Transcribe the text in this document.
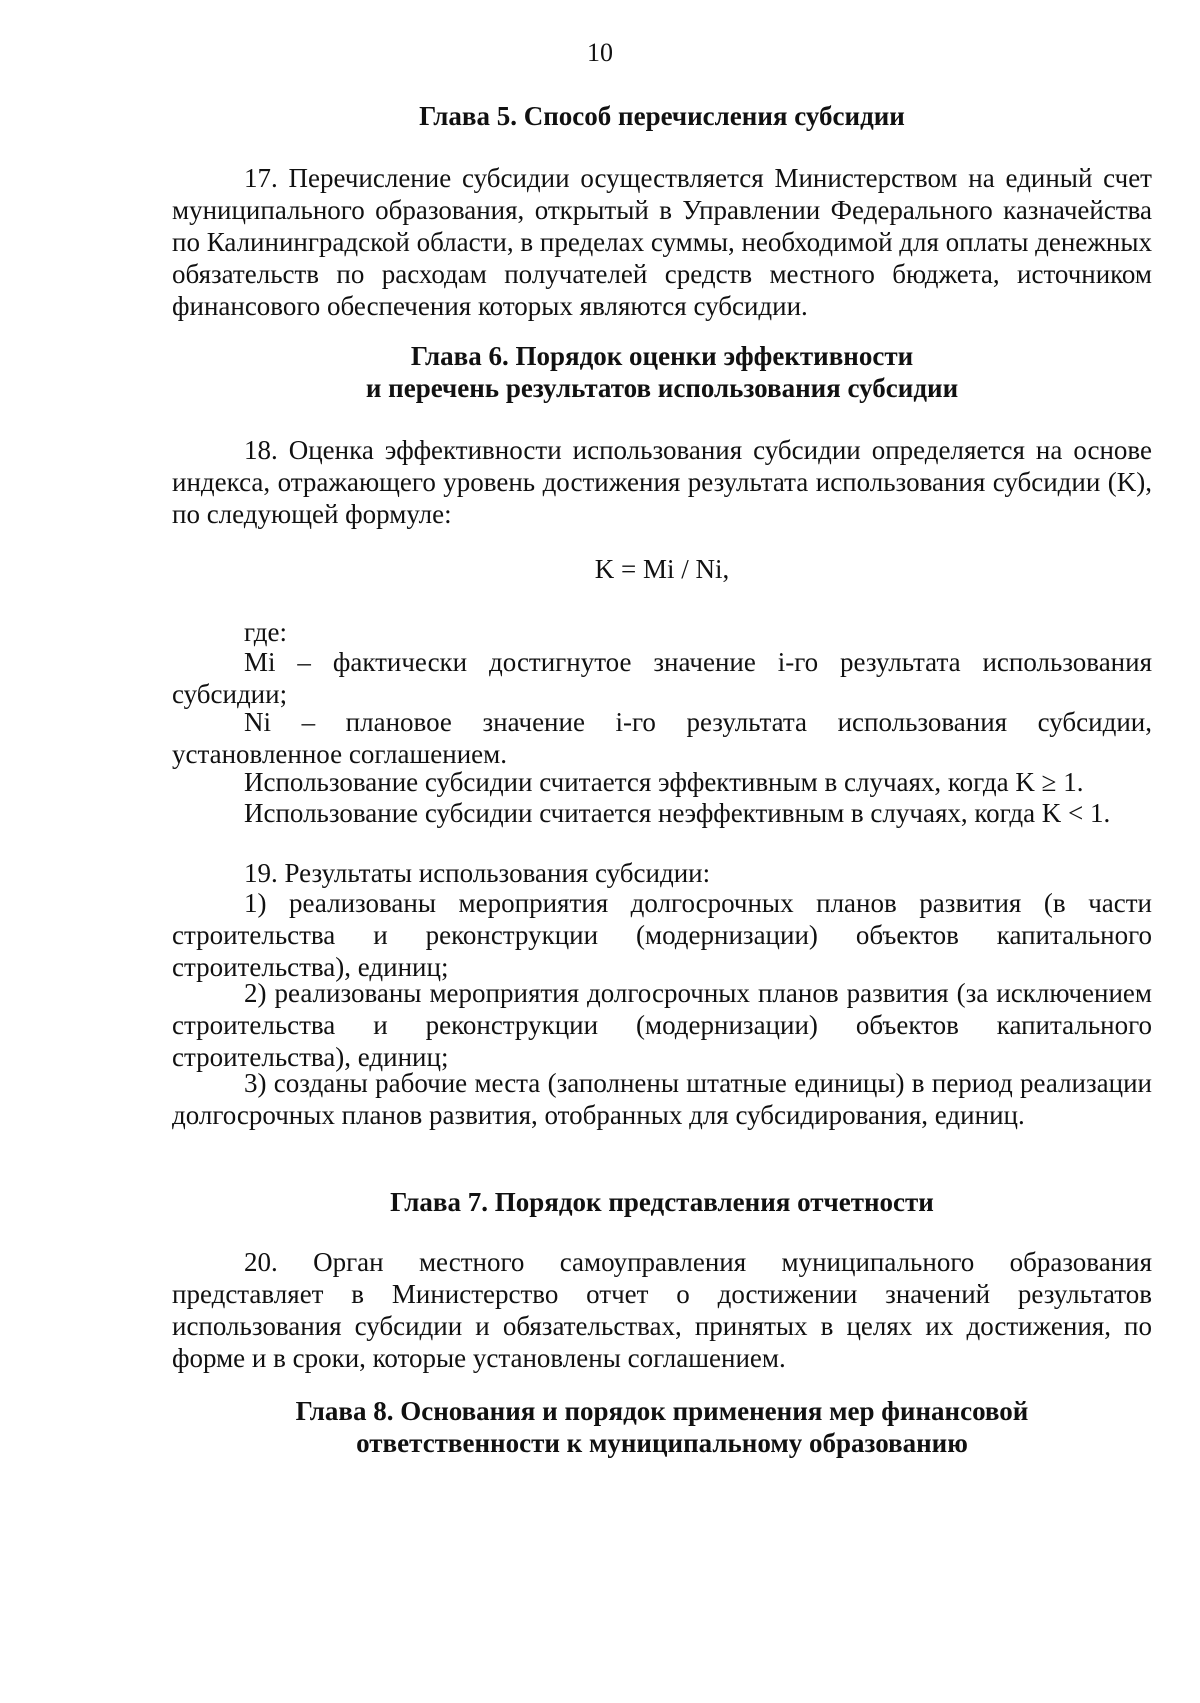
10
Глава 5. Способ перечисления субсидии
17. Перечисление субсидии осуществляется Министерством на единый счет муниципального образования, открытый в Управлении Федерального казначейства по Калининградской области, в пределах суммы, необходимой для оплаты денежных обязательств по расходам получателей средств местного бюджета, источником финансового обеспечения которых являются субсидии.
Глава 6. Порядок оценки эффективности
и перечень результатов использования субсидии
18. Оценка эффективности использования субсидии определяется на основе индекса, отражающего уровень достижения результата использования субсидии (K), по следующей формуле:
K = Mi / Ni,
где:
Mi – фактически достигнутое значение i-го результата использования субсидии;
Ni – плановое значение i-го результата использования субсидии, установленное соглашением.
Использование субсидии считается эффективным в случаях, когда K ≥ 1.
Использование субсидии считается неэффективным в случаях, когда K < 1.
19. Результаты использования субсидии:
1) реализованы мероприятия долгосрочных планов развития (в части строительства и реконструкции (модернизации) объектов капитального строительства), единиц;
2) реализованы мероприятия долгосрочных планов развития (за исключением строительства и реконструкции (модернизации) объектов капитального строительства), единиц;
3) созданы рабочие места (заполнены штатные единицы) в период реализации долгосрочных планов развития, отобранных для субсидирования, единиц.
Глава 7. Порядок представления отчетности
20. Орган местного самоуправления муниципального образования представляет в Министерство отчет о достижении значений результатов использования субсидии и обязательствах, принятых в целях их достижения, по форме и в сроки, которые установлены соглашением.
Глава 8. Основания и порядок применения мер финансовой
ответственности к муниципальному образованию
